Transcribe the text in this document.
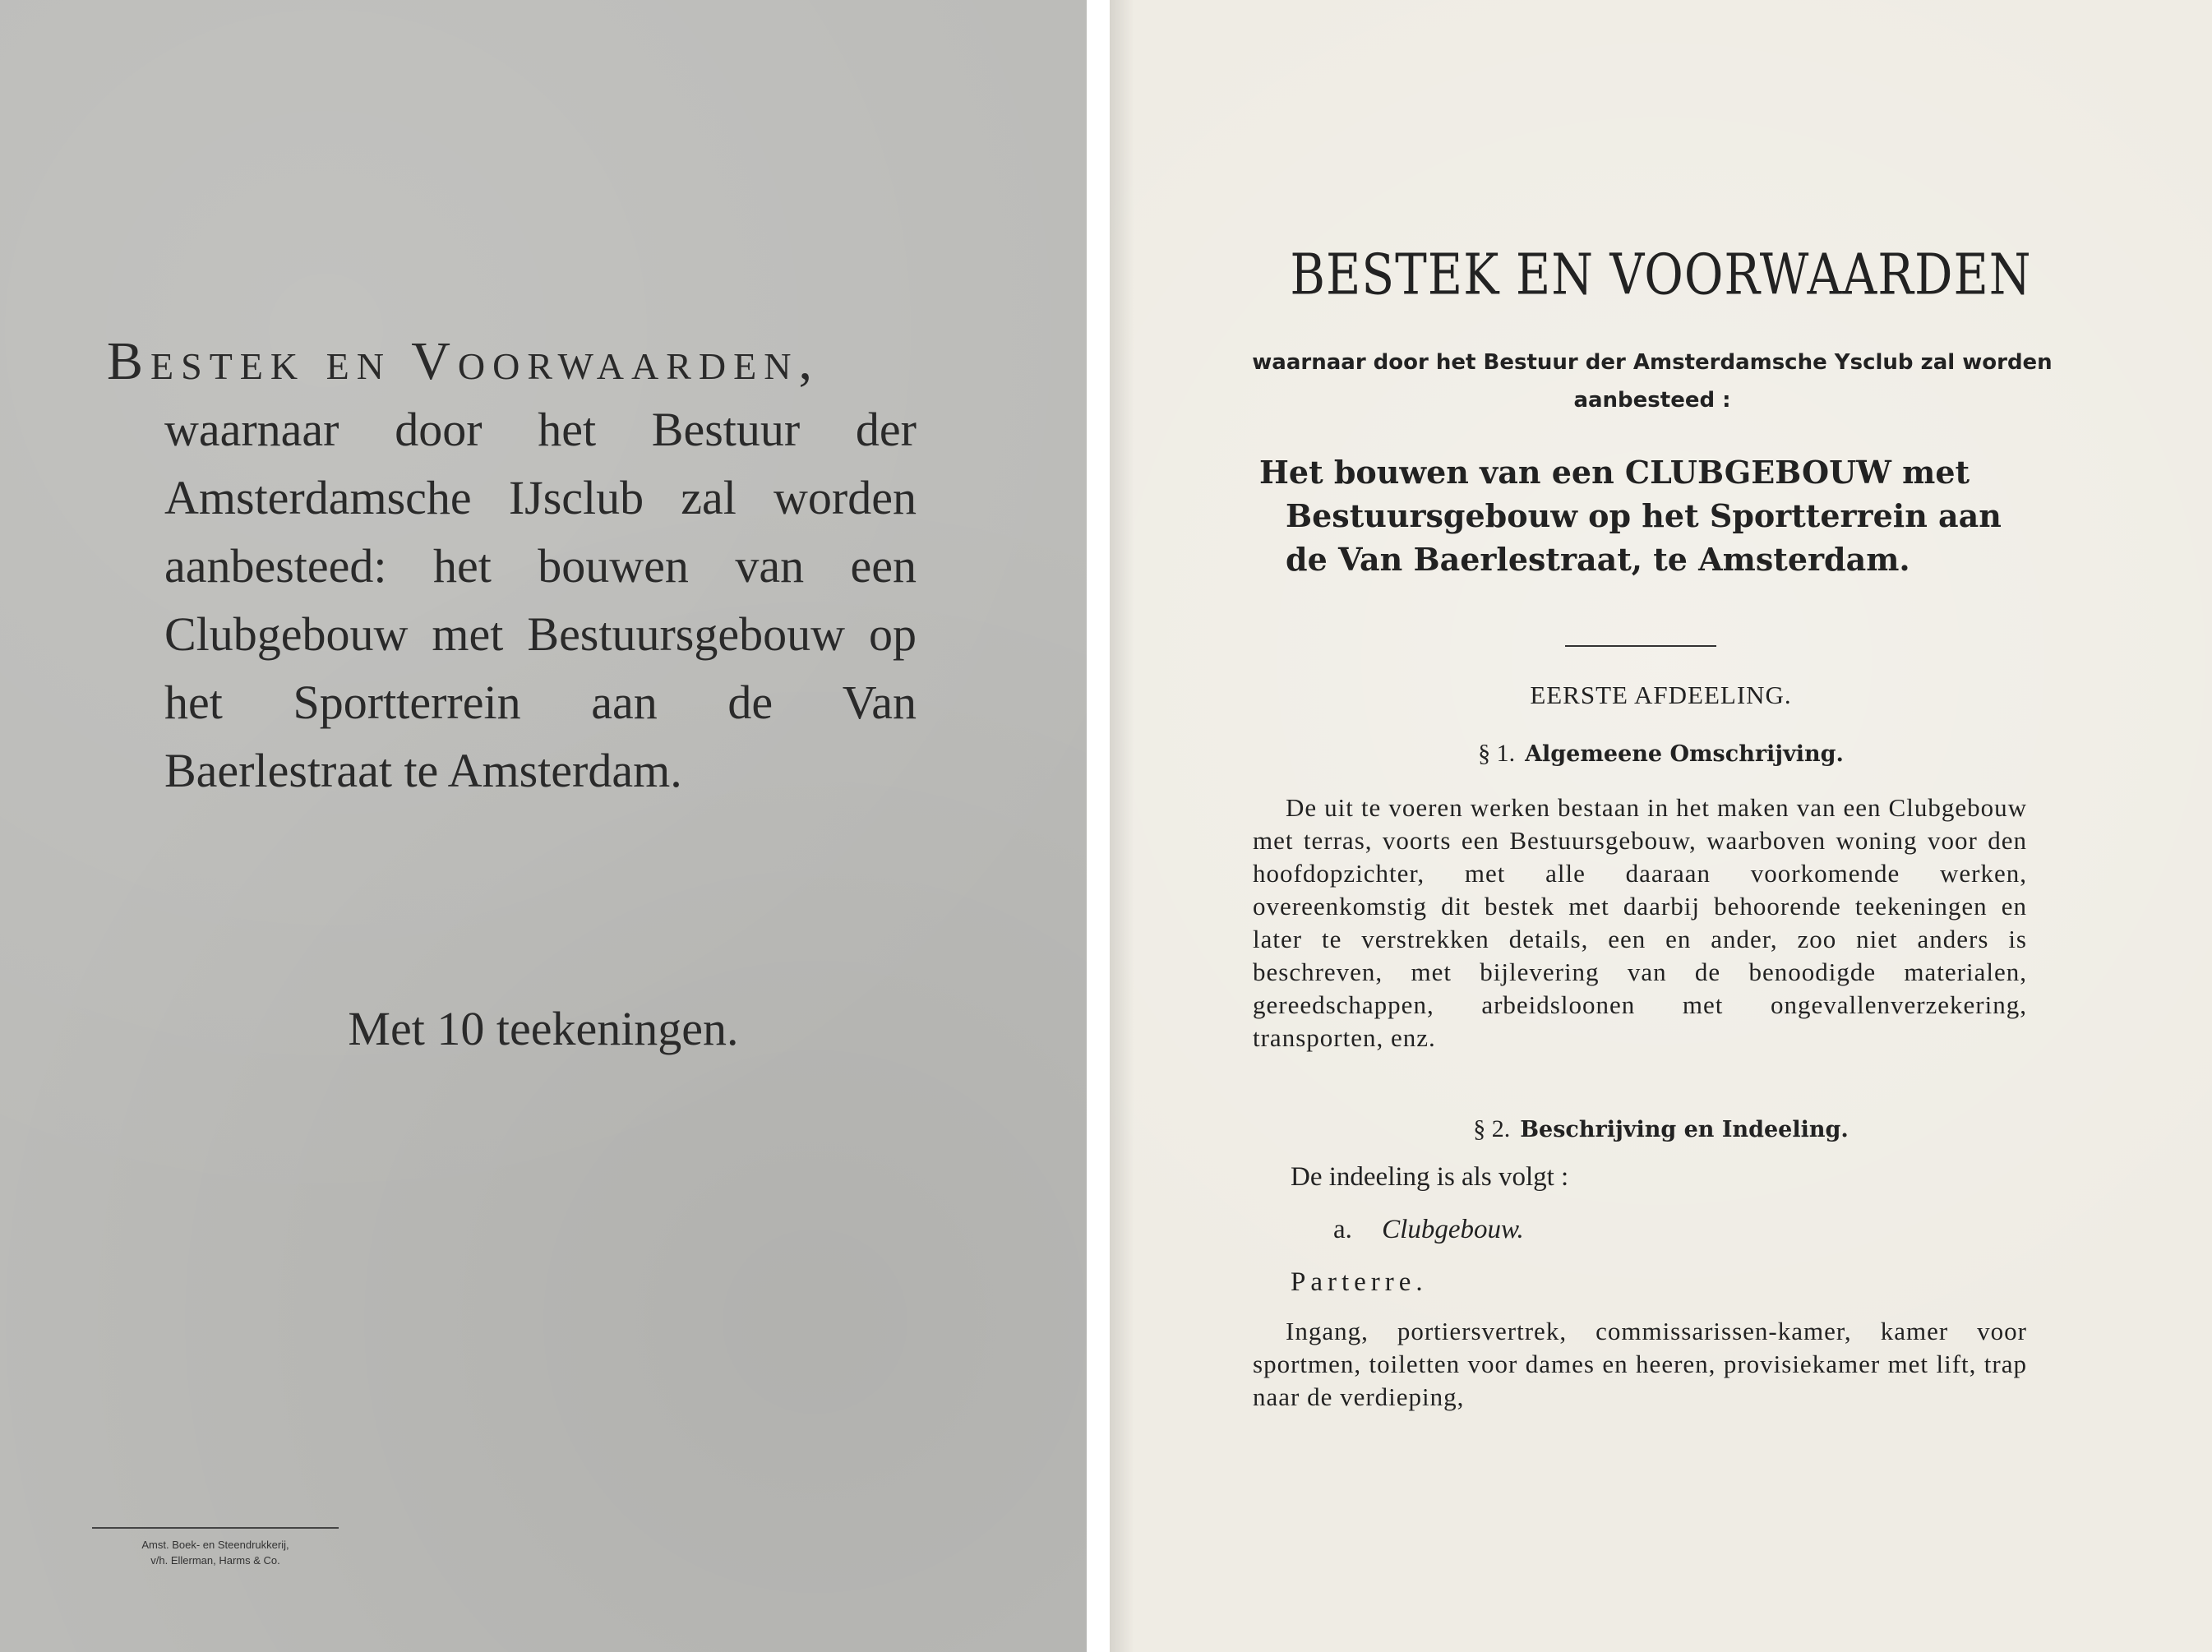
Bestek en Voorwaarden,
waarnaar door het Bestuur der Amsterdamsche IJsclub zal worden aanbesteed: het bouwen van een Clubgebouw met Bestuursgebouw op het Sportterrein aan de Van Baerlestraat te Amsterdam.
Met 10 teekeningen.
Amst. Boek- en Steendrukkerij,
v/h. Ellerman, Harms & Co.
BESTEK EN VOORWAARDEN
waarnaar door het Bestuur der Amsterdamsche Ysclub zal worden aanbesteed :
Het bouwen van een CLUBGEBOUW met Bestuursgebouw op het Sportterrein aan de Van Baerlestraat, te Amsterdam.
EERSTE AFDEELING.
§ 1. Algemeene Omschrijving.
De uit te voeren werken bestaan in het maken van een Clubgebouw met terras, voorts een Bestuursgebouw, waarboven woning voor den hoofdopzichter, met alle daaraan voorkomende werken, overeenkomstig dit bestek met daarbij behoorende teekeningen en later te verstrekken details, een en ander, zoo niet anders is beschreven, met bijlevering van de benoodigde materialen, gereedschappen, arbeidsloonen met ongevallenverzekering, transporten, enz.
§ 2. Beschrijving en Indeeling.
De indeeling is als volgt :
a. Clubgebouw.
Parterre.
Ingang, portiersvertrek, commissarissen-kamer, kamer voor sportmen, toiletten voor dames en heeren, provisiekamer met lift, trap naar de verdieping,
